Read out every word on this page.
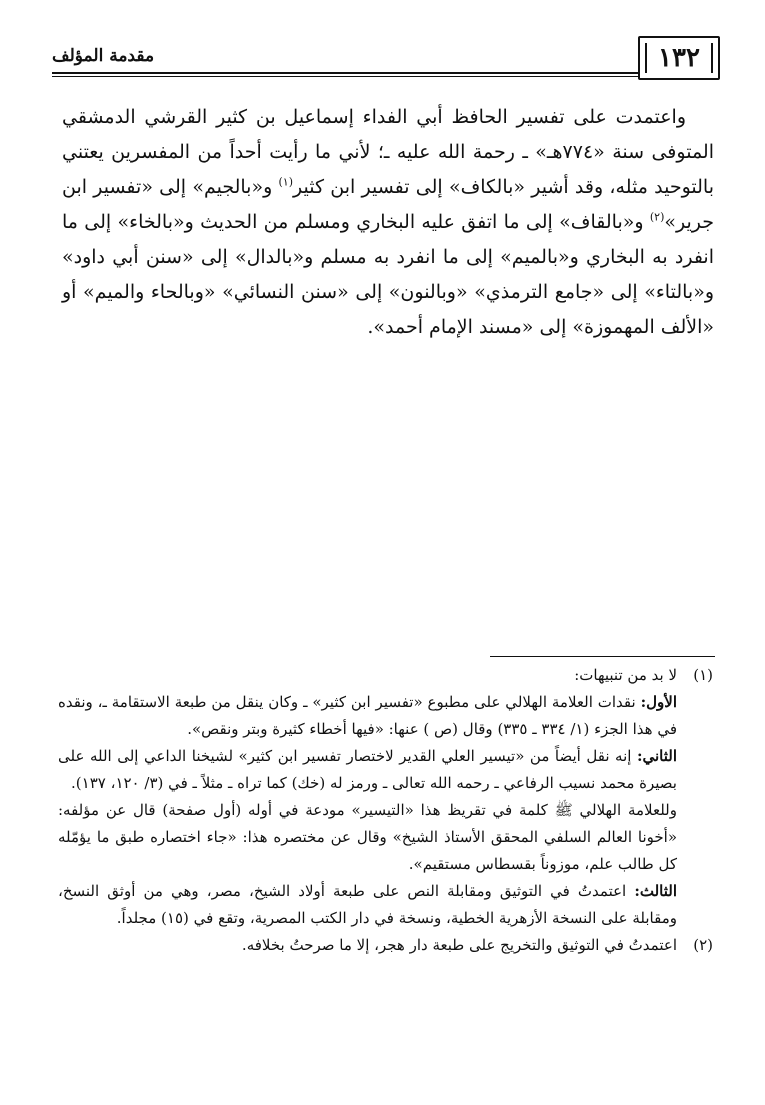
١٣٢
مقدمة المؤلف

واعتمدت على تفسير الحافظ أبي الفداء إسماعيل بن كثير القرشي الدمشقي المتوفى سنة «٧٧٤هـ» ـ رحمة الله عليه ـ؛ لأني ما رأيت أحداً من المفسرين يعتني بالتوحيد مثله، وقد أشير «بالكاف» إلى تفسير ابن كثير$^{(١)}$ و«بالجيم» إلى «تفسير ابن جرير»$^{(٢)}$ و«بالقاف» إلى ما اتفق عليه البخاري ومسلم من الحديث و«بالخاء» إلى ما انفرد به البخاري و«بالميم» إلى ما انفرد به مسلم و«بالدال» إلى «سنن أبي داود» و«بالتاء» إلى «جامع الترمذي» «وبالنون» إلى «سنن النسائي» «وبالحاء والميم» أو «الألف المهموزة» إلى «مسند الإمام أحمد».

(١)

لا بد من تنبيهات:

الأول: نقدات العلامة الهلالي على مطبوع «تفسير ابن كثير» ـ وكان ينقل من طبعة الاستقامة ـ، ونقده في هذا الجزء (١/ ٣٣٤ ـ ٣٣٥) وقال (ص ) عنها: «فيها أخطاء كثيرة وبتر ونقص».

الثاني: إنه نقل أيضاً من «تيسير العلي القدير لاختصار تفسير ابن كثير» لشيخنا الداعي إلى الله على بصيرة محمد نسيب الرفاعي ـ رحمه الله تعالى ـ ورمز له (خك) كما تراه ـ مثلاً ـ في (٣/ ١٢٠، ١٣٧).

وللعلامة الهلالي ﷺ كلمة في تقريظ هذا «التيسير» مودعة في أوله (أول صفحة) قال عن مؤلفه: «أخونا العالم السلفي المحقق الأستاذ الشيخ» وقال عن مختصره هذا: «جاء اختصاره طبق ما يؤمّله كل طالب علم، موزوناً بقسطاس مستقيم».

الثالث: اعتمدتُ في التوثيق ومقابلة النص على طبعة أولاد الشيخ، مصر، وهي من أوثق النسخ، ومقابلة على النسخة الأزهرية الخطية، ونسخة في دار الكتب المصرية، وتقع في (١٥) مجلداً.

(٢)

اعتمدتُ في التوثيق والتخريج على طبعة دار هجر، إلا ما صرحتُ بخلافه.
